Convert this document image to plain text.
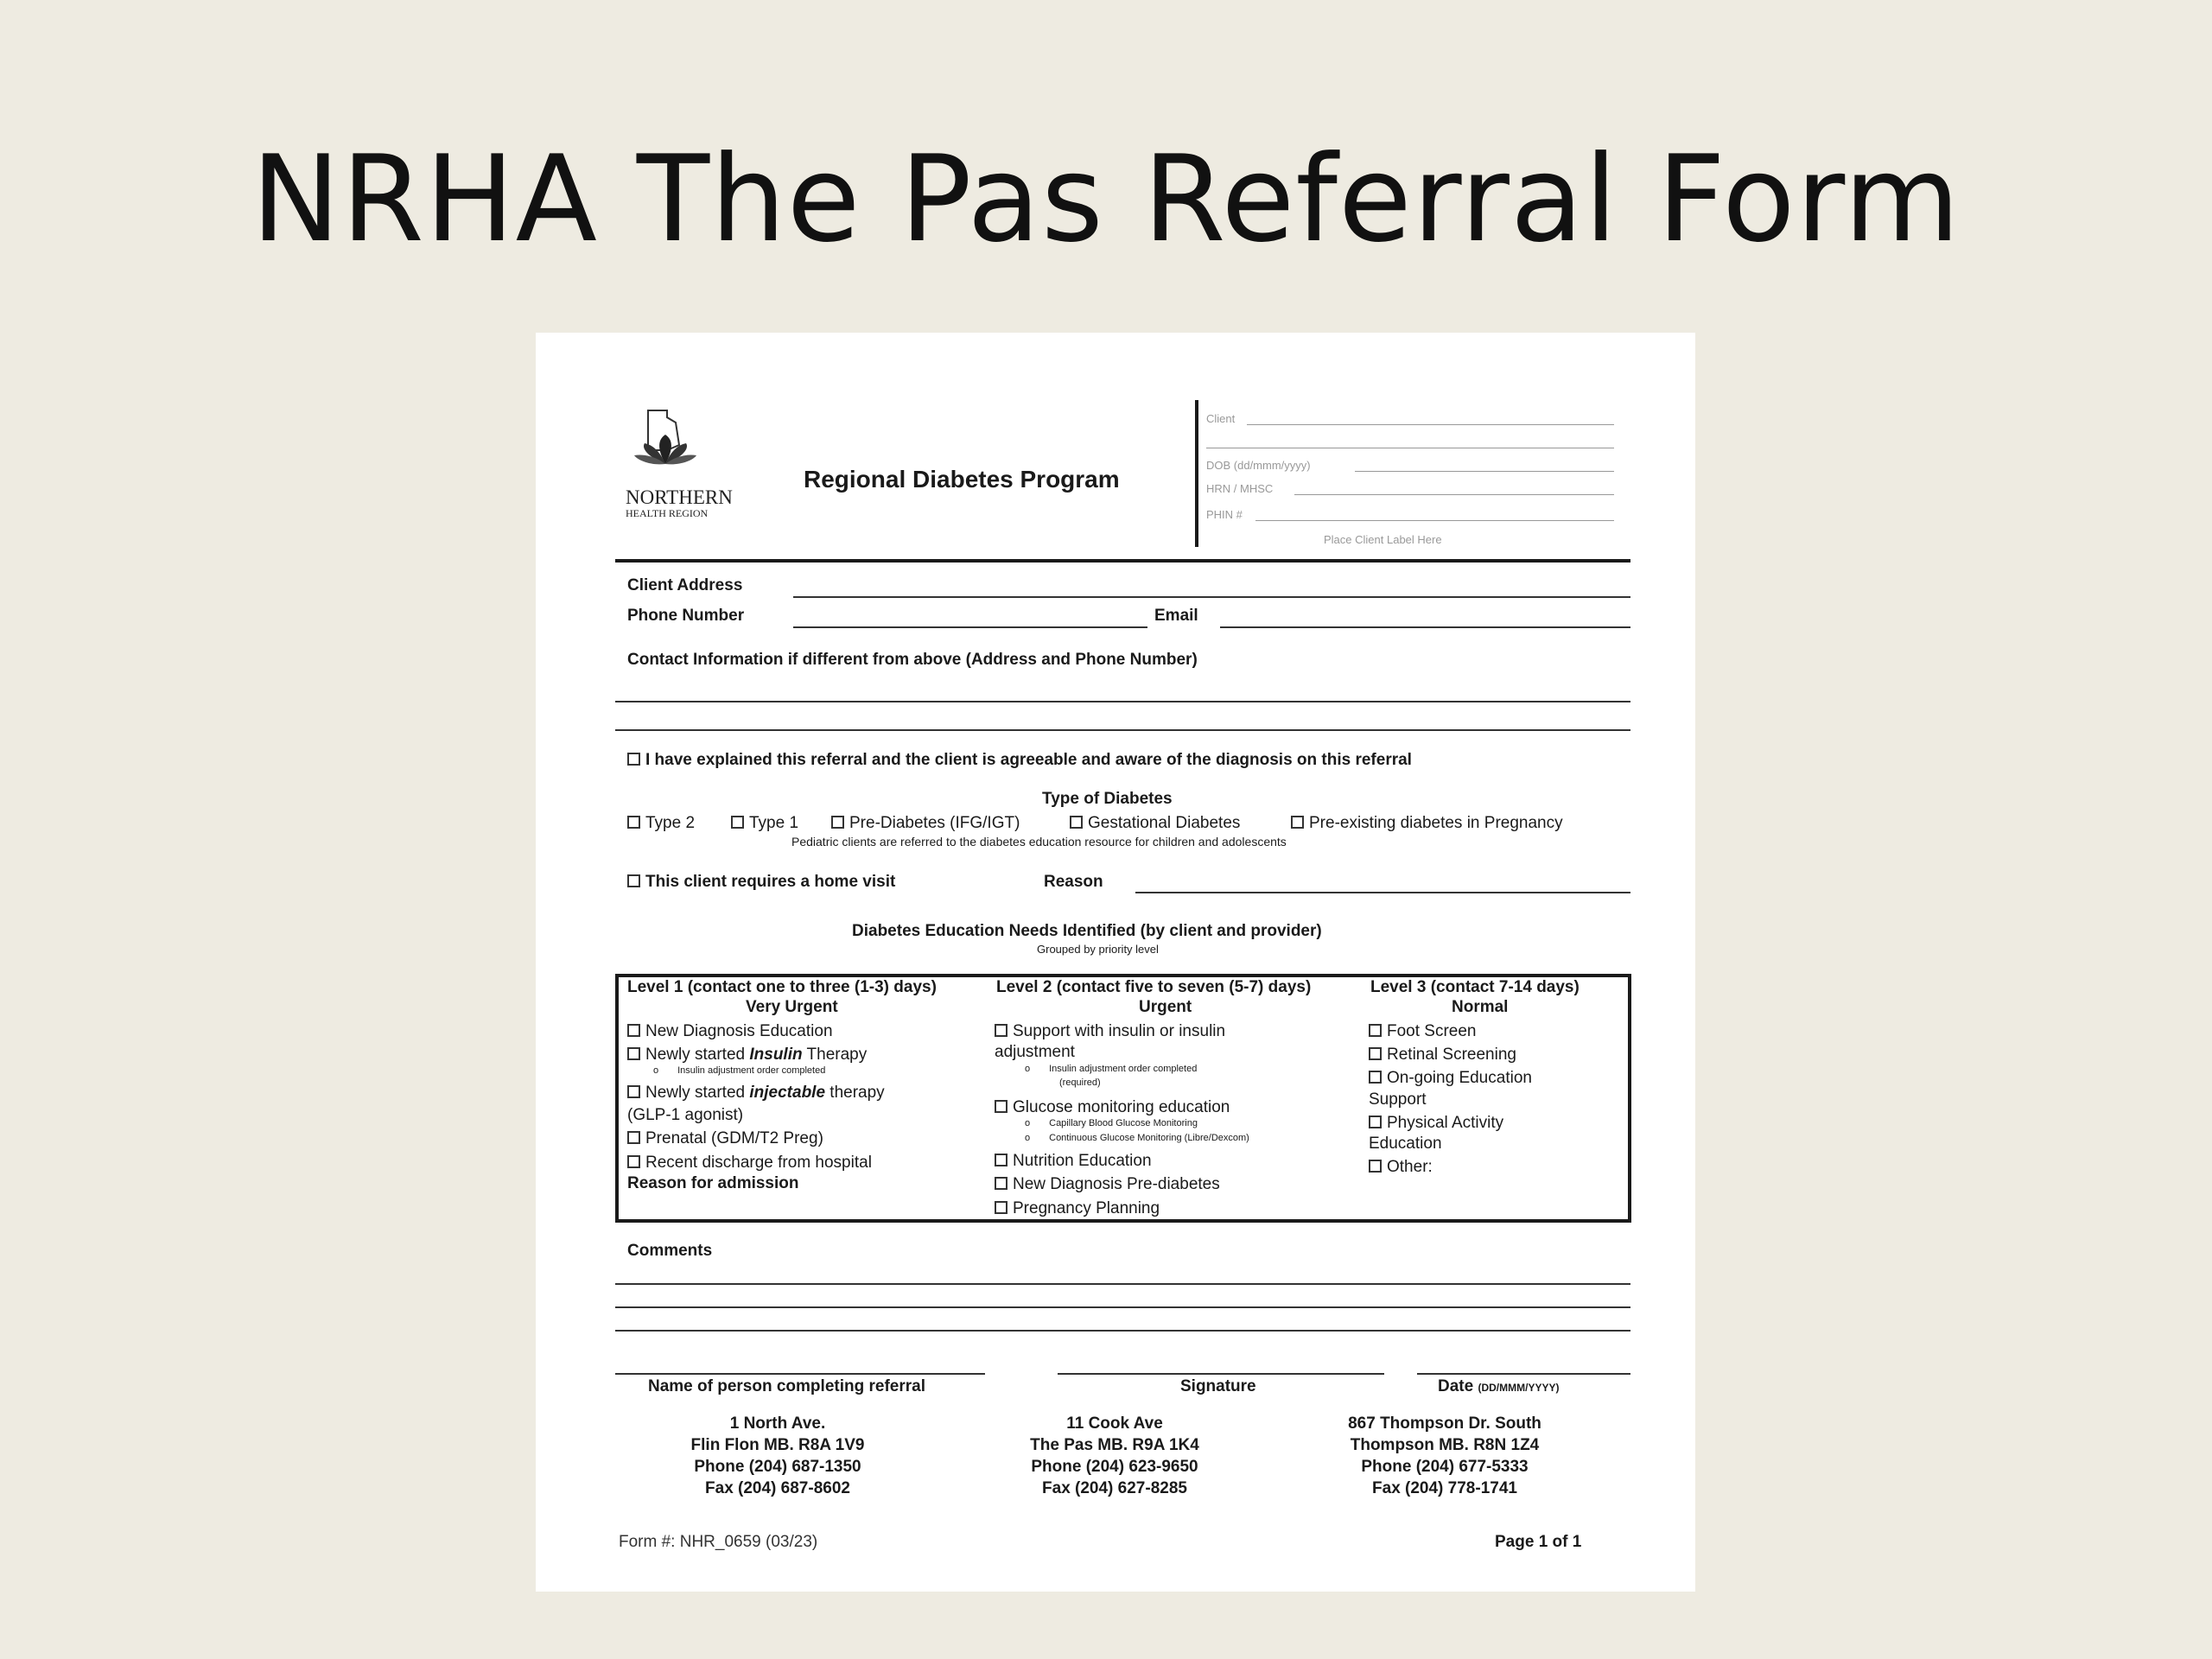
NRHA The Pas Referral Form
NORTHERN
HEALTH REGION
Regional Diabetes Program
Client
DOB (dd/mmm/yyyy)
HRN / MHSC
PHIN #
Place Client Label Here
Client Address
Phone Number	Email
Contact Information if different from above (Address and Phone Number)
I have explained this referral and the client is agreeable and aware of the diagnosis on this referral
Type of Diabetes
Type 2	Type 1	Pre-Diabetes (IFG/IGT)	Gestational Diabetes	Pre-existing diabetes in Pregnancy
Pediatric clients are referred to the diabetes education resource for children and adolescents
This client requires a home visit	Reason
Diabetes Education Needs Identified (by client and provider)
Grouped by priority level
Level 1 (contact one to three (1-3) days)
Very Urgent
New Diagnosis Education
Newly started Insulin Therapy
o Insulin adjustment order completed
Newly started injectable therapy
(GLP-1 agonist)
Prenatal (GDM/T2 Preg)
Recent discharge from hospital
Reason for admission
Level 2 (contact five to seven (5-7) days)
Urgent
Support with insulin or insulin
adjustment
o Insulin adjustment order completed
(required)
Glucose monitoring education
o Capillary Blood Glucose Monitoring
o Continuous Glucose Monitoring (Libre/Dexcom)
Nutrition Education
New Diagnosis Pre-diabetes
Pregnancy Planning
Level 3 (contact 7-14 days)
Normal
Foot Screen
Retinal Screening
On-going Education
Support
Physical Activity
Education
Other:
Comments
Name of person completing referral	Signature	Date (DD/MMM/YYYY)
1 North Ave.
Flin Flon MB. R8A 1V9
Phone (204) 687-1350
Fax (204) 687-8602
11 Cook Ave
The Pas MB. R9A 1K4
Phone (204) 623-9650
Fax (204) 627-8285
867 Thompson Dr. South
Thompson MB. R8N 1Z4
Phone (204) 677-5333
Fax (204) 778-1741
Form #: NHR_0659 (03/23)	Page 1 of 1
